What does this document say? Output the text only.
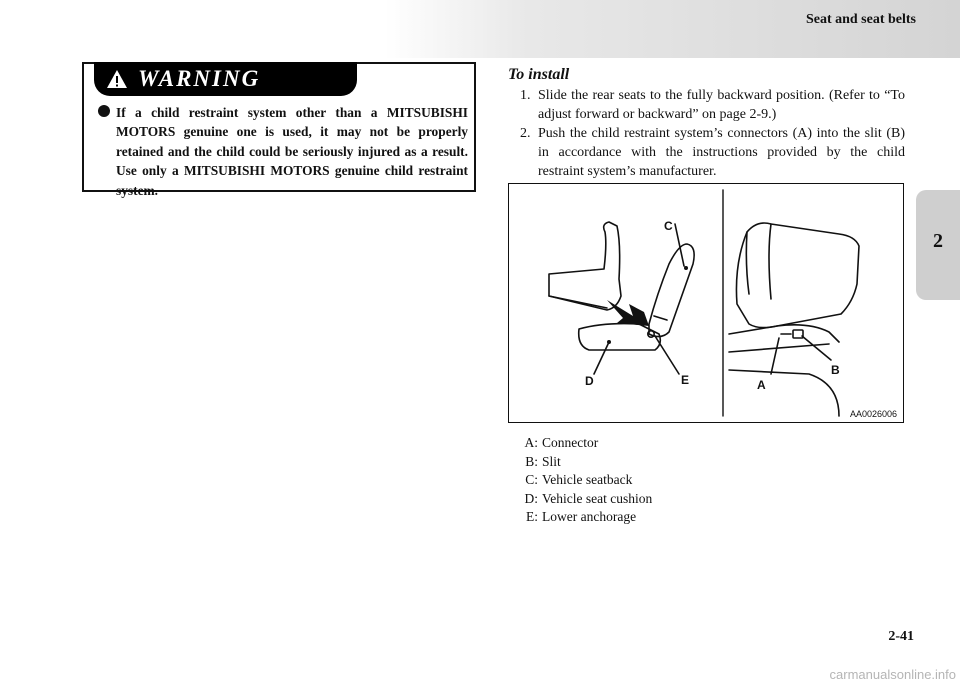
Seat and seat belts
2
WARNING
If a child restraint system other than a MITSUBISHI MOTORS genuine one is used, it may not be properly retained and the child could be seriously injured as a result. Use only a MITSUBISHI MOTORS genuine child restraint system.
To install

1. Slide the rear seats to the fully backward position. (Refer to “To adjust forward or backward” on page 2-9.)

2. Push the child restraint system’s connectors (A) into the slit (B) in accordance with the instructions provided by the child restraint system’s manufacturer.

C
D	E	A
B
AA0026006
A: Connector
B: Slit
C: Vehicle seatback
D: Vehicle seat cushion
E: Lower anchorage
2-41
carmanualsonline.info
